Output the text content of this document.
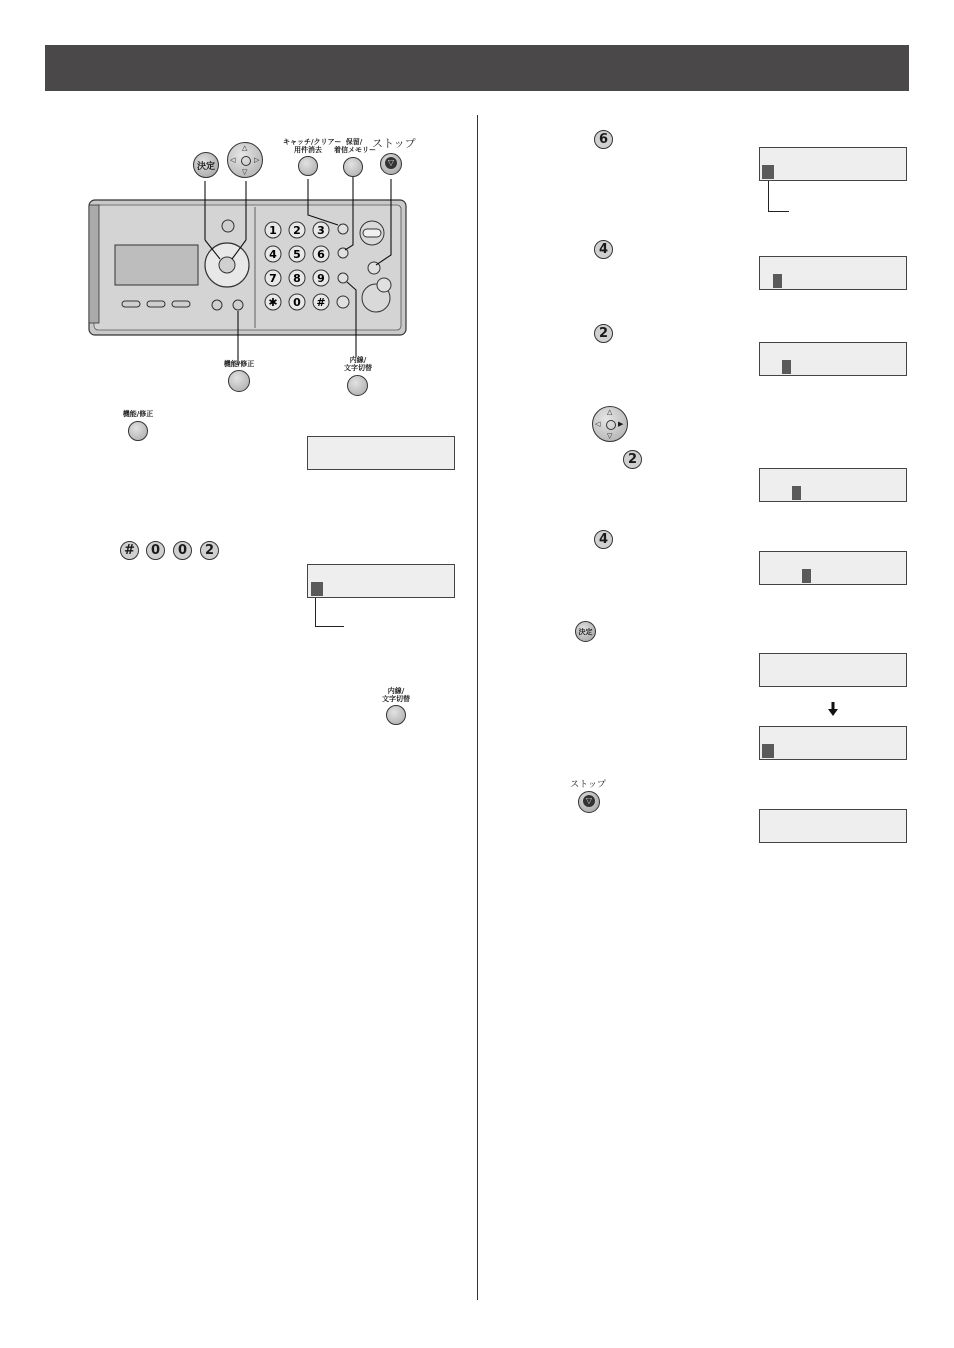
1 2 3
4 5 6
7 8 9
✱ 0 #
決定
△
▽
◁	▷
キャッチ/クリアー
用件消去
保留/
着信メモリー
ストップ
▽
機能/修正	内線/
文字切替
機能/修正
#	0	0	2
内線/
文字切替
6
4
2
△
▽
◁	▶
2
4
決定
ストップ
▽
